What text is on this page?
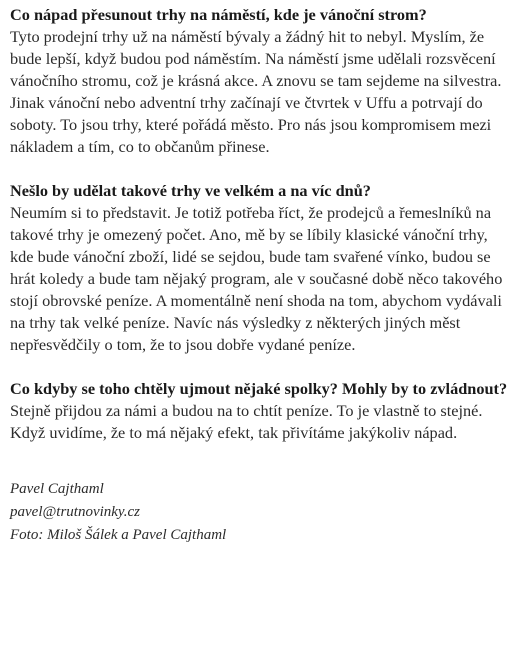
Co nápad přesunout trhy na náměstí, kde je vánoční strom?

Tyto prodejní trhy už na náměstí bývaly a žádný hit to nebyl. Myslím, že bude lepší, když budou pod náměstím. Na náměstí jsme udělali rozsvěcení vánočního stromu, což je krásná akce. A znovu se tam sejdeme na silvestra. Jinak vánoční nebo adventní trhy začínají ve čtvrtek v Uffu a potrvají do soboty. To jsou trhy, které pořádá město. Pro nás jsou kompromisem mezi nákladem a tím, co to občanům přinese.

Nešlo by udělat takové trhy ve velkém a na víc dnů?

Neumím si to představit. Je totiž potřeba říct, že prodejců a řemeslníků na takové trhy je omezený počet. Ano, mě by se líbily klasické vánoční trhy, kde bude vánoční zboží, lidé se sejdou, bude tam svařené vínko, budou se hrát koledy a bude tam nějaký program, ale v současné době něco takového stojí obrovské peníze. A momentálně není shoda na tom, abychom vydávali na trhy tak velké peníze. Navíc nás výsledky z některých jiných měst nepřesvědčily o tom, že to jsou dobře vydané peníze.

Co kdyby se toho chtěly ujmout nějaké spolky? Mohly by to zvládnout?

Stejně přijdou za námi a budou na to chtít peníze. To je vlastně to stejné. Když uvidíme, že to má nějaký efekt, tak přivítáme jakýkoliv nápad.

Pavel Cajthaml
pavel@trutnovinky.cz
Foto: Miloš Šálek a Pavel Cajthaml
